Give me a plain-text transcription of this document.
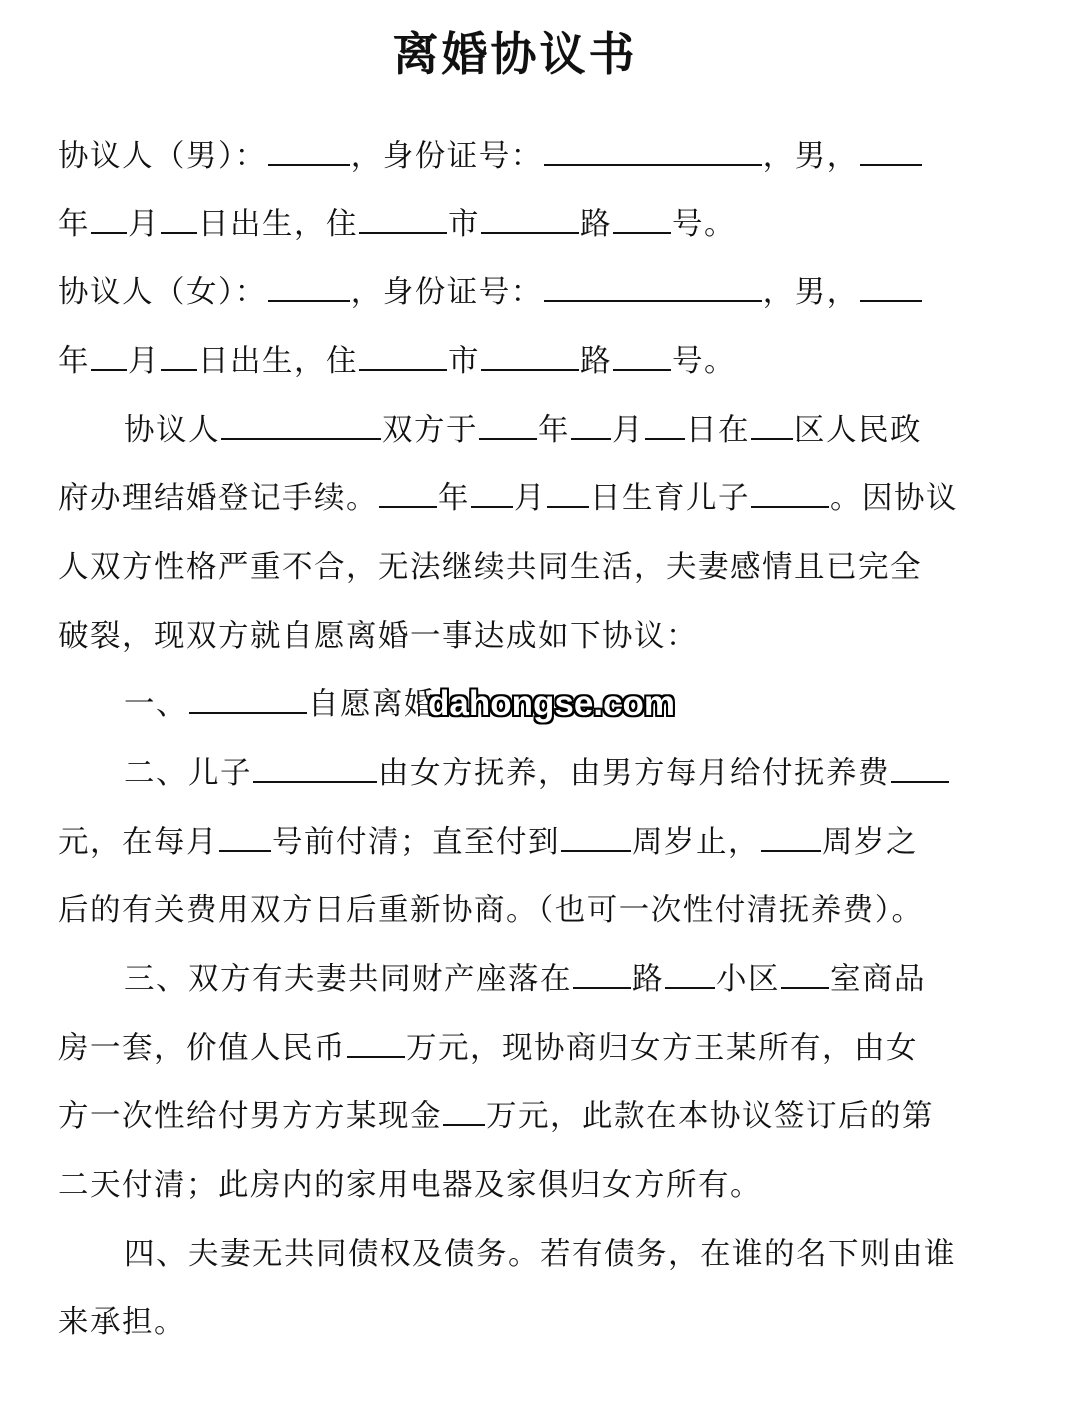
离婚协议书
协议人（男）：	，身份证号：	，男，
年 月 日出生，住	市	路 号。
协议人（女）：	，身份证号：	，男，
年 月 日出生，住	市	路 号。
协议人	双方于 年 月 日在 区人民政
府办理结婚登记手续。 年 月 日生育儿子	。因协议
人双方性格严重不合，无法继续共同生活，夫妻感情且已完全
破裂，现双方就自愿离婚一事达成如下协议：
一、	自愿离婚
二、儿子	由女方抚养，由男方每月给付抚养费
元，在每月 号前付清；直至付到 周岁止， 周岁之
后的有关费用双方日后重新协商。（也可一次性付清抚养费）。
三、双方有夫妻共同财产座落在 路 小区 室商品
房一套，价值人民币 万元，现协商归女方王某所有，由女
方一次性给付男方方某现金 万元，此款在本协议签订后的第
二天付清；此房内的家用电器及家俱归女方所有。
四、夫妻无共同债权及债务。若有债务，在谁的名下则由谁
来承担。
dahongse.com
